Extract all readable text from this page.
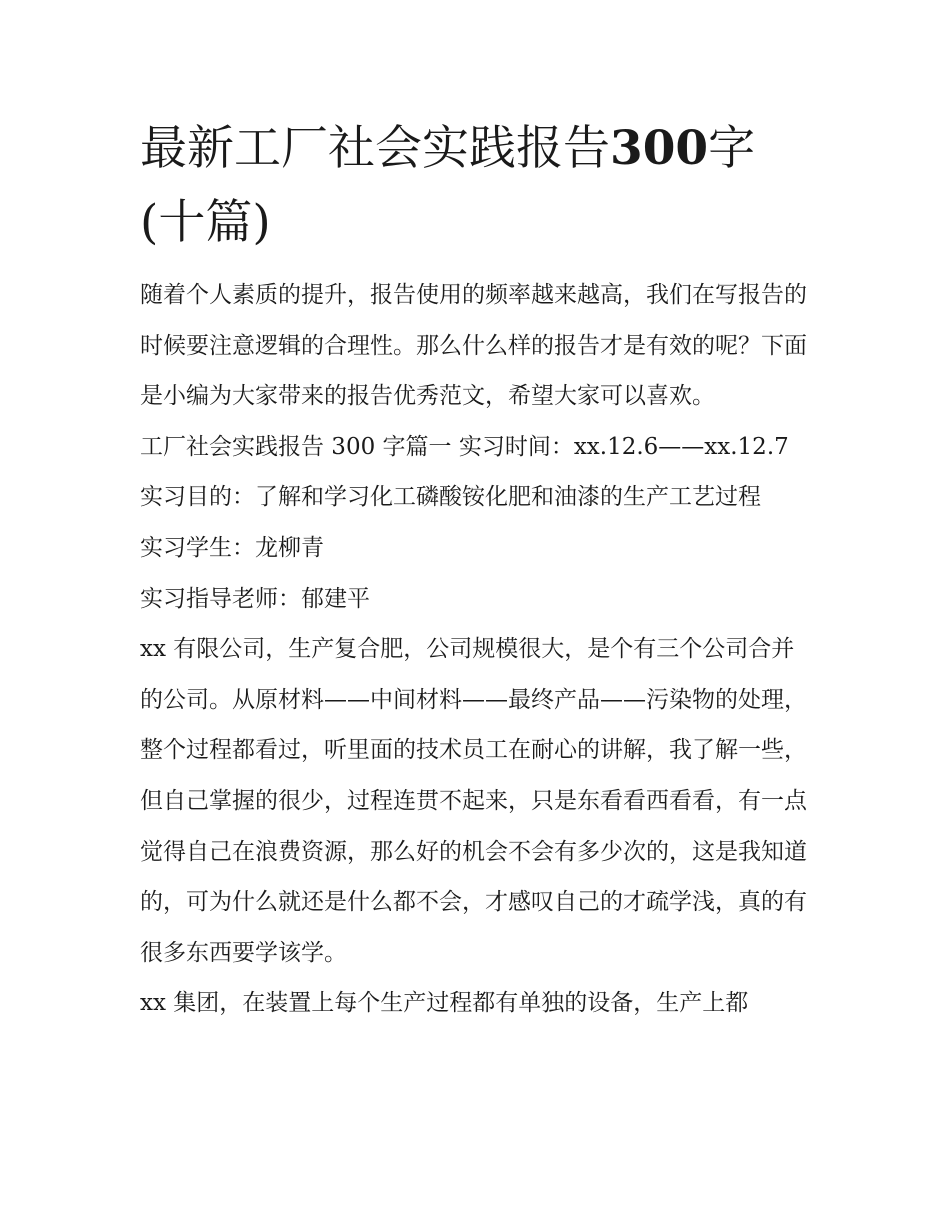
最新工厂社会实践报告300字 (十篇)

随着个人素质的提升，报告使用的频率越来越高，我们在写报告的时候要注意逻辑的合理性。那么什么样的报告才是有效的呢？下面是小编为大家带来的报告优秀范文，希望大家可以喜欢。

工厂社会实践报告 300 字篇一 实习时间：xx.12.6——xx.12.7 实习目的：了解和学习化工磷酸铵化肥和油漆的生产工艺过程

实习学生：龙柳青

实习指导老师：郁建平

xx 有限公司，生产复合肥，公司规模很大，是个有三个公司合并的公司。从原材料——中间材料——最终产品——污染物的处理，整个过程都看过，听里面的技术员工在耐心的讲解，我了解一些，但自己掌握的很少，过程连贯不起来，只是东看看西看看，有一点觉得自己在浪费资源，那么好的机会不会有多少次的，这是我知道的，可为什么就还是什么都不会，才感叹自己的才疏学浅，真的有很多东西要学该学。

xx 集团，在装置上每个生产过程都有单独的设备，生产上都
